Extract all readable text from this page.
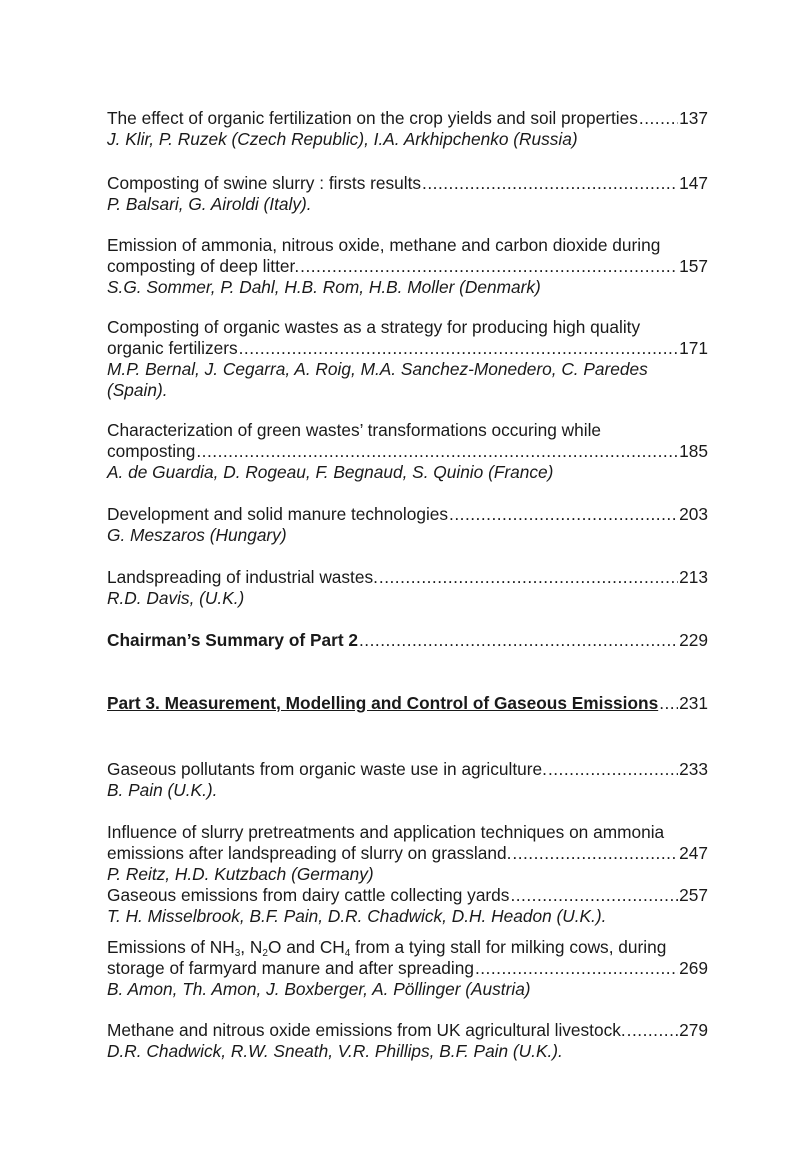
The effect of organic fertilization on the crop yields and soil properties ..... 137
J. Klir, P. Ruzek (Czech Republic), I.A. Arkhipchenko (Russia)
Composting of swine slurry : firsts results .....	147
P. Balsari, G. Airoldi (Italy).
Emission of ammonia, nitrous oxide, methane and carbon dioxide during
composting of deep litter. .....	157
S.G. Sommer, P. Dahl, H.B. Rom, H.B. Moller (Denmark)
Composting of organic wastes as a strategy for producing high quality
organic fertilizers .....	171
M.P. Bernal, J. Cegarra, A. Roig, M.A. Sanchez-Monedero, C. Paredes
(Spain).
Characterization of green wastes’ transformations occuring while
composting .....	185
A. de Guardia, D. Rogeau, F. Begnaud, S. Quinio (France)
Development and solid manure technologies .....	203
G. Meszaros (Hungary)
Landspreading of industrial wastes. .....	213
R.D. Davis, (U.K.)
Chairman’s Summary of Part 2 .....	229
Part 3. Measurement, Modelling and Control of Gaseous Emissions ..... 231
Gaseous pollutants from organic waste use in agriculture. .....	233
B. Pain (U.K.).
Influence of slurry pretreatments and application techniques on ammonia
emissions after landspreading of slurry on grassland. .....	247
P. Reitz, H.D. Kutzbach (Germany)
Gaseous emissions from dairy cattle collecting yards .....	257
T. H. Misselbrook, B.F. Pain, D.R. Chadwick, D.H. Headon (U.K.).
Emissions of $NH_3$, $N_2O$ and $CH_4$ from a tying stall for milking cows, during
storage of farmyard manure and after spreading .....	269
B. Amon, Th. Amon, J. Boxberger, A. Pöllinger (Austria)
Methane and nitrous oxide emissions from UK agricultural livestock. .....	279
D.R. Chadwick, R.W. Sneath, V.R. Phillips, B.F. Pain (U.K.).
